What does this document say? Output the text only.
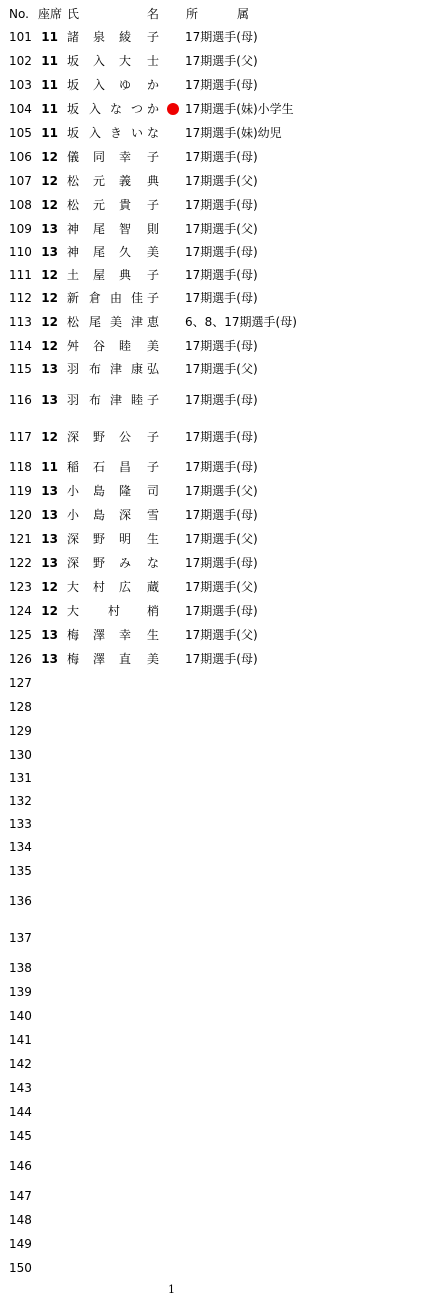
No. 座席 氏	名 所	属
101 11 諸 泉 綾 子 17期選手(母)
102 11 坂 入 大 士 17期選手(父)
103 11 坂 入 ゆ か 17期選手(母)
104 11 坂 入 な つ か 17期選手(妹)小学生
105 11 坂 入 き い な 17期選手(妹)幼児
106 12 儀 同 幸 子 17期選手(母)
107 12 松 元 義 典 17期選手(父)
108 12 松 元 貴 子 17期選手(母)
109 13 神 尾 智 則 17期選手(父)
110 13 神 尾 久 美 17期選手(母)
111 12 土 屋 典 子 17期選手(母)
112 12 新 倉 由 佳 子 17期選手(母)
113 12 松 尾 美 津 恵 6、8、17期選手(母)
114 12 舛 谷 睦 美 17期選手(母)
115 13 羽 布 津 康 弘 17期選手(父)
116 13 羽 布 津 睦 子 17期選手(母)
117 12 深 野 公 子 17期選手(母)
118 11 稲 石 昌 子 17期選手(母)
119 13 小 島 隆 司 17期選手(父)
120 13 小 島 深 雪 17期選手(母)
121 13 深 野 明 生 17期選手(父)
122 13 深 野 み な 17期選手(母)
123 12 大 村 広 蔵 17期選手(父)
124 12 大 村 梢 17期選手(母)
125 13 梅 澤 幸 生 17期選手(父)
126 13 梅 澤 直 美 17期選手(母)
127
128
129
130
131
132
133
134
135
136
137
138
139
140
141
142
143
144
145
146
147
148
149
150
1
